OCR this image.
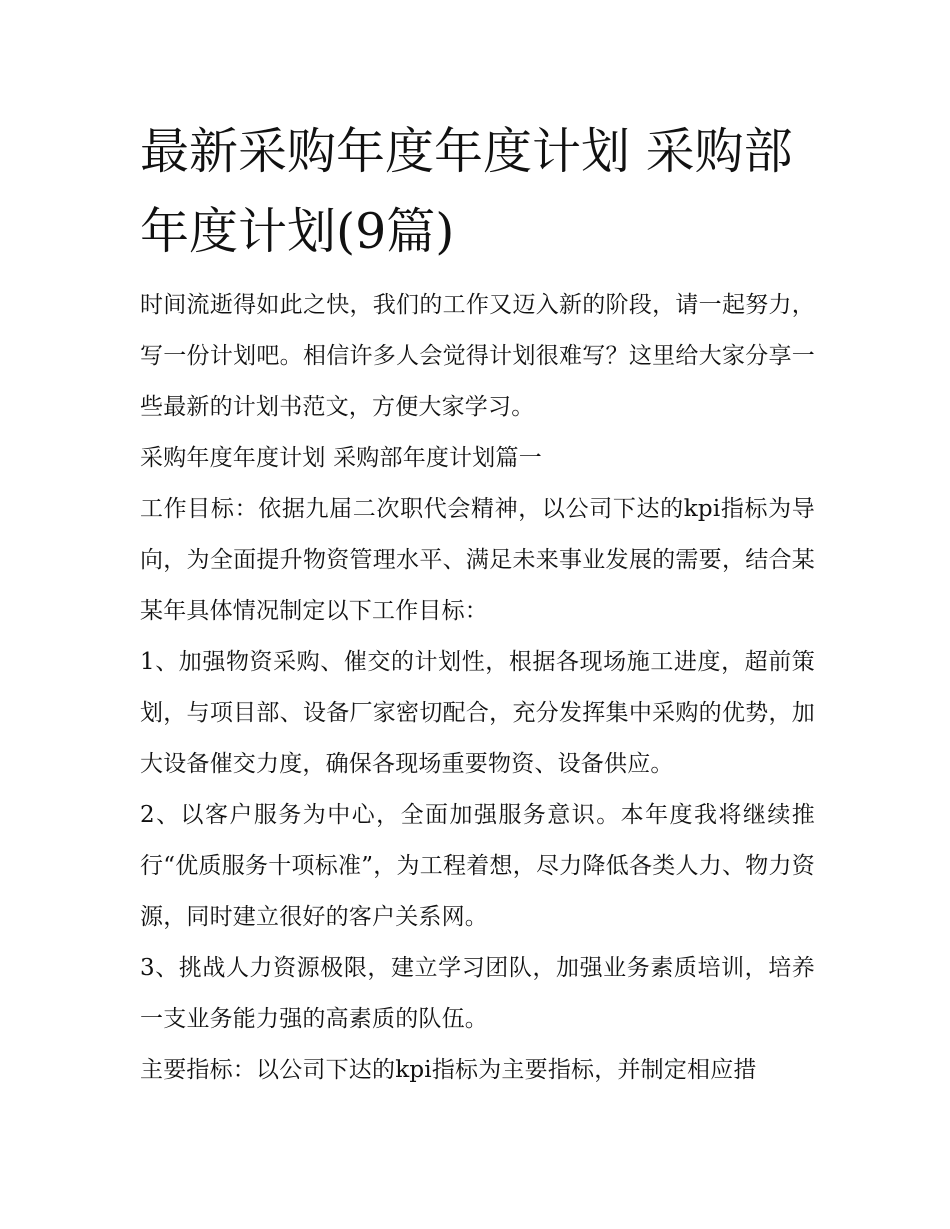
最新采购年度年度计划 采购部年度计划(9篇)

时间流逝得如此之快，我们的工作又迈入新的阶段，请一起努力，写一份计划吧。相信许多人会觉得计划很难写？这里给大家分享一些最新的计划书范文，方便大家学习。

采购年度年度计划 采购部年度计划篇一

工作目标：依据九届二次职代会精神，以公司下达的kpi指标为导向，为全面提升物资管理水平、满足未来事业发展的需要，结合某某年具体情况制定以下工作目标：

1、加强物资采购、催交的计划性，根据各现场施工进度，超前策划，与项目部、设备厂家密切配合，充分发挥集中采购的优势，加大设备催交力度，确保各现场重要物资、设备供应。

2、以客户服务为中心，全面加强服务意识。本年度我将继续推行“优质服务十项标准”，为工程着想，尽力降低各类人力、物力资源，同时建立很好的客户关系网。

3、挑战人力资源极限，建立学习团队，加强业务素质培训，培养一支业务能力强的高素质的队伍。

主要指标：以公司下达的kpi指标为主要指标，并制定相应措
